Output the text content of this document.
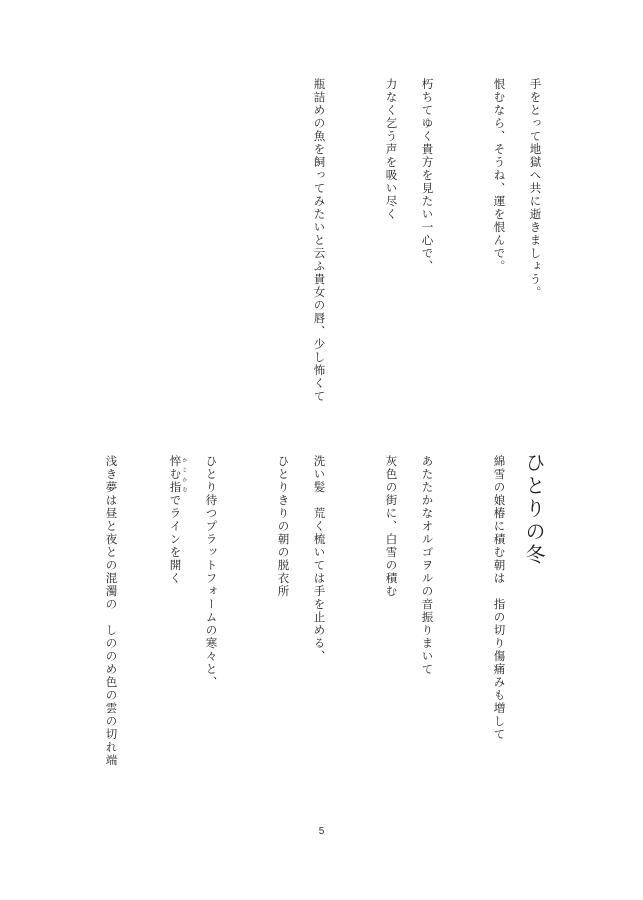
手をとって地獄へ共に逝きましょう。
恨むなら、そうね、運を恨んで。
朽ちてゆく貴方を見たい一心で、
力なく乞う声を吸い尽く
瓶詰めの魚を飼ってみたいと云ふ貴女の唇、少し怖くて
ひとりの冬
綿雪の娘椿に積む朝は　指の切り傷痛みも増して
あたたかなオルゴヲルの音振りまいて
灰色の街に、白雪の積む
洗い髪　荒く梳いては手を止める、
ひとりきりの朝の脱衣所
ひとり待つプラットフォームの寒々と、
悴む指 かじかむでラインを開く
浅き夢は昼と夜との混濁の　しののめ色の雲の切れ端
5
